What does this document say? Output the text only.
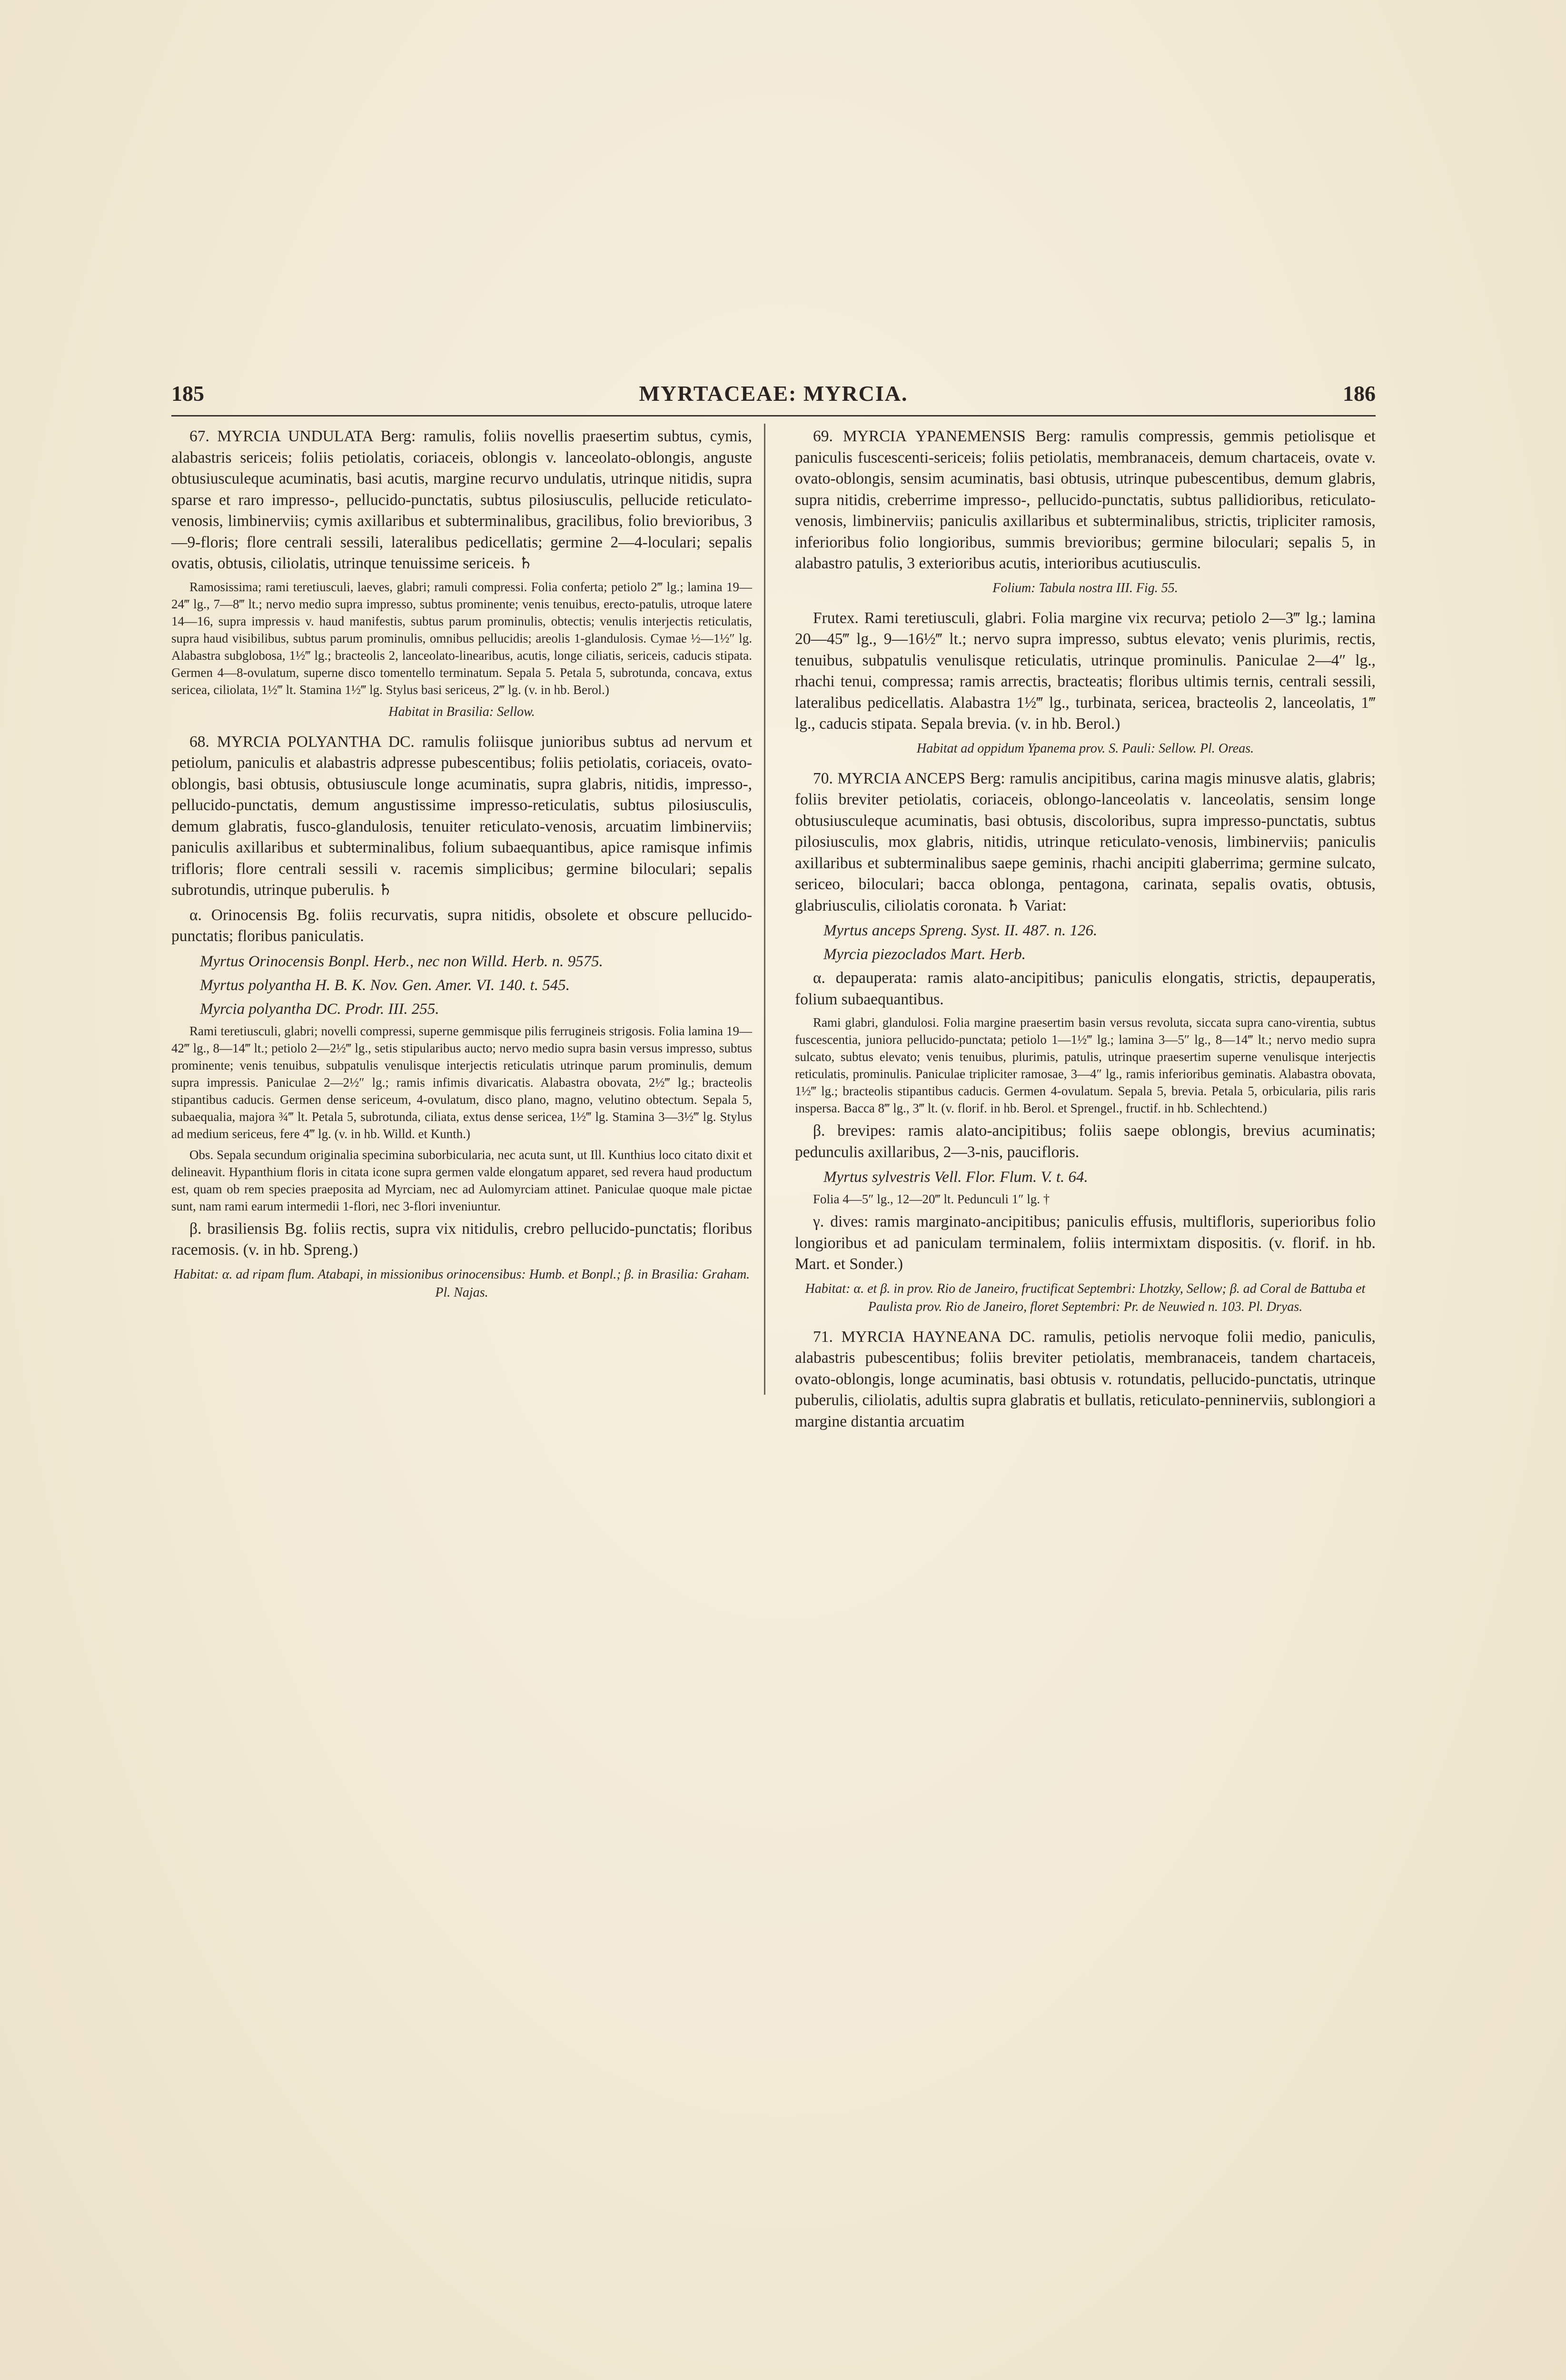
185	MYRTACEAE: MYRCIA.	186

67. MYRCIA UNDULATA Berg: ramulis, foliis novellis praesertim subtus, cymis, alabastris sericeis; foliis petiolatis, coriaceis, oblongis v. lanceolato-oblongis, anguste obtusiusculeque acuminatis, basi acutis, margine recurvo undulatis, utrinque nitidis, supra sparse et raro impresso-, pellucido-punctatis, subtus pilosiusculis, pellucide reticulato-venosis, limbinerviis; cymis axillaribus et subterminalibus, gracilibus, folio brevioribus, 3—9-floris; flore centrali sessili, lateralibus pedicellatis; germine 2—4-loculari; sepalis ovatis, obtusis, ciliolatis, utrinque tenuissime sericeis. ♄

Ramosissima; rami teretiusculi, laeves, glabri; ramuli compressi. Folia conferta; petiolo 2‴ lg.; lamina 19—24‴ lg., 7—8‴ lt.; nervo medio supra impresso, subtus prominente; venis tenuibus, erecto-patulis, utroque latere 14—16, supra impressis v. haud manifestis, subtus parum prominulis, obtectis; venulis interjectis reticulatis, supra haud visibilibus, subtus parum prominulis, omnibus pellucidis; areolis 1-glandulosis. Cymae ½—1½″ lg. Alabastra subglobosa, 1½‴ lg.; bracteolis 2, lanceolato-linearibus, acutis, longe ciliatis, sericeis, caducis stipata. Germen 4—8-ovulatum, superne disco tomentello terminatum. Sepala 5. Petala 5, subrotunda, concava, extus sericea, ciliolata, 1½‴ lt. Stamina 1½‴ lg. Stylus basi sericeus, 2‴ lg. (v. in hb. Berol.)

Habitat in Brasilia: Sellow.

68. MYRCIA POLYANTHA DC. ramulis foliisque junioribus subtus ad nervum et petiolum, paniculis et alabastris adpresse pubescentibus; foliis petiolatis, coriaceis, ovato-oblongis, basi obtusis, obtusiuscule longe acuminatis, supra glabris, nitidis, impresso-, pellucido-punctatis, demum angustissime impresso-reticulatis, subtus pilosiusculis, demum glabratis, fusco-glandulosis, tenuiter reticulato-venosis, arcuatim limbinerviis; paniculis axillaribus et subterminalibus, folium subaequantibus, apice ramisque infimis trifloris; flore centrali sessili v. racemis simplicibus; germine biloculari; sepalis subrotundis, utrinque puberulis. ♄

α. Orinocensis Bg. foliis recurvatis, supra nitidis, obsolete et obscure pellucido-punctatis; floribus paniculatis.

Myrtus Orinocensis Bonpl. Herb., nec non Willd. Herb. n. 9575.

Myrtus polyantha H. B. K. Nov. Gen. Amer. VI. 140. t. 545.

Myrcia polyantha DC. Prodr. III. 255.

Rami teretiusculi, glabri; novelli compressi, superne gemmisque pilis ferrugineis strigosis. Folia lamina 19—42‴ lg., 8—14‴ lt.; petiolo 2—2½‴ lg., setis stipularibus aucto; nervo medio supra basin versus impresso, subtus prominente; venis tenuibus, subpatulis venulisque interjectis reticulatis utrinque parum prominulis, demum supra impressis. Paniculae 2—2½″ lg.; ramis infimis divaricatis. Alabastra obovata, 2½‴ lg.; bracteolis stipantibus caducis. Germen dense sericeum, 4-ovulatum, disco plano, magno, velutino obtectum. Sepala 5, subaequalia, majora ¾‴ lt. Petala 5, subrotunda, ciliata, extus dense sericea, 1½‴ lg. Stamina 3—3½‴ lg. Stylus ad medium sericeus, fere 4‴ lg. (v. in hb. Willd. et Kunth.)

Obs. Sepala secundum originalia specimina suborbicularia, nec acuta sunt, ut Ill. Kunthius loco citato dixit et delineavit. Hypanthium floris in citata icone supra germen valde elongatum apparet, sed revera haud productum est, quam ob rem species praeposita ad Myrciam, nec ad Aulomyrciam attinet. Paniculae quoque male pictae sunt, nam rami earum intermedii 1-flori, nec 3-flori inveniuntur.

β. brasiliensis Bg. foliis rectis, supra vix nitidulis, crebro pellucido-punctatis; floribus racemosis. (v. in hb. Spreng.)

Habitat: α. ad ripam flum. Atabapi, in missionibus orinocensibus: Humb. et Bonpl.; β. in Brasilia: Graham. Pl. Najas.

69. MYRCIA YPANEMENSIS Berg: ramulis compressis, gemmis petiolisque et paniculis fuscescenti-sericeis; foliis petiolatis, membranaceis, demum chartaceis, ovate v. ovato-oblongis, sensim acuminatis, basi obtusis, utrinque pubescentibus, demum glabris, supra nitidis, creberrime impresso-, pellucido-punctatis, subtus pallidioribus, reticulato-venosis, limbinerviis; paniculis axillaribus et subterminalibus, strictis, tripliciter ramosis, inferioribus folio longioribus, summis brevioribus; germine biloculari; sepalis 5, in alabastro patulis, 3 exterioribus acutis, interioribus acutiusculis.

Folium: Tabula nostra III. Fig. 55.

Frutex. Rami teretiusculi, glabri. Folia margine vix recurva; petiolo 2—3‴ lg.; lamina 20—45‴ lg., 9—16½‴ lt.; nervo supra impresso, subtus elevato; venis plurimis, rectis, tenuibus, subpatulis venulisque reticulatis, utrinque prominulis. Paniculae 2—4″ lg., rhachi tenui, compressa; ramis arrectis, bracteatis; floribus ultimis ternis, centrali sessili, lateralibus pedicellatis. Alabastra 1½‴ lg., turbinata, sericea, bracteolis 2, lanceolatis, 1‴ lg., caducis stipata. Sepala brevia. (v. in hb. Berol.)

Habitat ad oppidum Ypanema prov. S. Pauli: Sellow. Pl. Oreas.

70. MYRCIA ANCEPS Berg: ramulis ancipitibus, carina magis minusve alatis, glabris; foliis breviter petiolatis, coriaceis, oblongo-lanceolatis v. lanceolatis, sensim longe obtusiusculeque acuminatis, basi obtusis, discoloribus, supra impresso-punctatis, subtus pilosiusculis, mox glabris, nitidis, utrinque reticulato-venosis, limbinerviis; paniculis axillaribus et subterminalibus saepe geminis, rhachi ancipiti glaberrima; germine sulcato, sericeo, biloculari; bacca oblonga, pentagona, carinata, sepalis ovatis, obtusis, glabriusculis, ciliolatis coronata. ♄ Variat:

Myrtus anceps Spreng. Syst. II. 487. n. 126.

Myrcia piezoclados Mart. Herb.

α. depauperata: ramis alato-ancipitibus; paniculis elongatis, strictis, depauperatis, folium subaequantibus.

Rami glabri, glandulosi. Folia margine praesertim basin versus revoluta, siccata supra cano-virentia, subtus fuscescentia, juniora pellucido-punctata; petiolo 1—1½‴ lg.; lamina 3—5″ lg., 8—14‴ lt.; nervo medio supra sulcato, subtus elevato; venis tenuibus, plurimis, patulis, utrinque praesertim superne venulisque interjectis reticulatis, prominulis. Paniculae tripliciter ramosae, 3—4″ lg., ramis inferioribus geminatis. Alabastra obovata, 1½‴ lg.; bracteolis stipantibus caducis. Germen 4-ovulatum. Sepala 5, brevia. Petala 5, orbicularia, pilis raris inspersa. Bacca 8‴ lg., 3‴ lt. (v. florif. in hb. Berol. et Sprengel., fructif. in hb. Schlechtend.)

β. brevipes: ramis alato-ancipitibus; foliis saepe oblongis, brevius acuminatis; pedunculis axillaribus, 2—3-nis, paucifloris.

Myrtus sylvestris Vell. Flor. Flum. V. t. 64.

Folia 4—5″ lg., 12—20‴ lt. Pedunculi 1″ lg. †

γ. dives: ramis marginato-ancipitibus; paniculis effusis, multifloris, superioribus folio longioribus et ad paniculam terminalem, foliis intermixtam dispositis. (v. florif. in hb. Mart. et Sonder.)

Habitat: α. et β. in prov. Rio de Janeiro, fructificat Septembri: Lhotzky, Sellow; β. ad Coral de Battuba et Paulista prov. Rio de Janeiro, floret Septembri: Pr. de Neuwied n. 103. Pl. Dryas.

71. MYRCIA HAYNEANA DC. ramulis, petiolis nervoque folii medio, paniculis, alabastris pubescentibus; foliis breviter petiolatis, membranaceis, tandem chartaceis, ovato-oblongis, longe acuminatis, basi obtusis v. rotundatis, pellucido-punctatis, utrinque puberulis, ciliolatis, adultis supra glabratis et bullatis, reticulato-penninerviis, sublongiori a margine distantia arcuatim
